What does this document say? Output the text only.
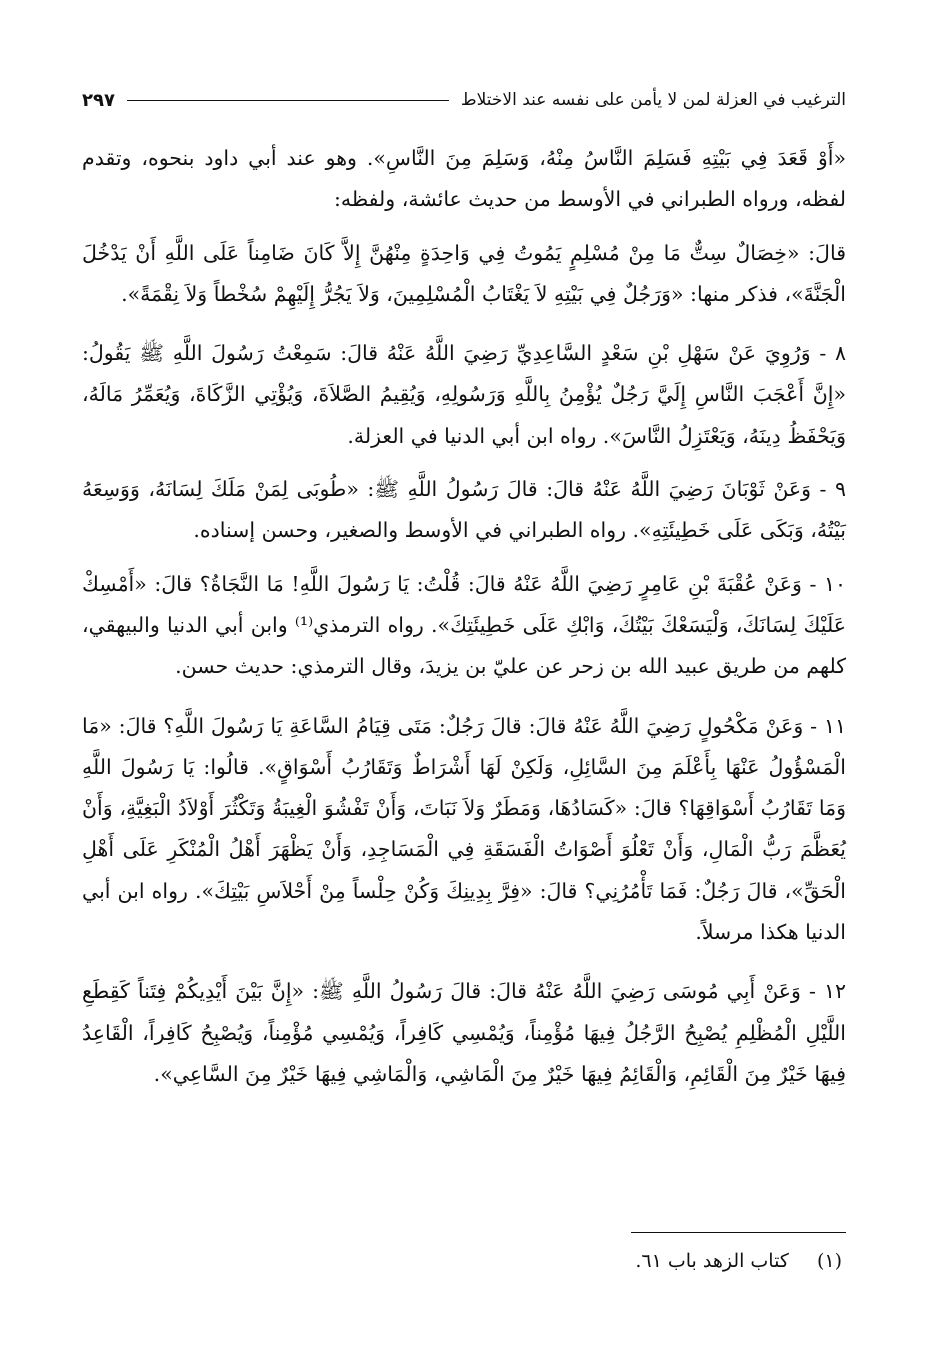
الترغيب في العزلة لمن لا يأمن على نفسه عند الاختلاط
٢٩٧

«أَوْ قَعَدَ فِي بَيْتِهِ فَسَلِمَ النَّاسُ مِنْهُ، وَسَلِمَ مِنَ النَّاسِ». وهو عند أبي داود بنحوه، وتقدم لفظه، ورواه الطبراني في الأوسط من حديث عائشة، ولفظه:

قالَ: «خِصَالٌ سِتٌّ مَا مِنْ مُسْلِمٍ يَمُوتُ فِي وَاحِدَةٍ مِنْهُنَّ إِلاَّ كَانَ ضَامِناً عَلَى اللَّهِ أَنْ يَدْخُلَ الْجَنَّةَ»، فذكر منها: «وَرَجُلٌ فِي بَيْتِهِ لاَ يَغْتَابُ الْمُسْلِمِينَ، وَلاَ يَجُرُّ إِلَيْهِمْ سُخْطاً وَلاَ نِقْمَةً».

٨ - وَرُوِيَ عَنْ سَهْلِ بْنِ سَعْدٍ السَّاعِدِيِّ رَضِيَ اللَّهُ عَنْهُ قالَ: سَمِعْتُ رَسُولَ اللَّهِ ﷺ يَقُولُ: «إِنَّ أَعْجَبَ النَّاسِ إِلَيَّ رَجُلٌ يُؤْمِنُ بِاللَّهِ وَرَسُولِهِ، وَيُقِيمُ الصَّلاَةَ، وَيُؤْتِي الزَّكَاةَ، وَيُعَمِّرُ مَالَهُ، وَيَحْفَظُ دِينَهُ، وَيَعْتَزِلُ النَّاسَ». رواه ابن أبي الدنيا في العزلة.

٩ - وَعَنْ ثَوْبَانَ رَضِيَ اللَّهُ عَنْهُ قالَ: قالَ رَسُولُ اللَّهِ ﷺ: «طُوبَى لِمَنْ مَلَكَ لِسَانَهُ، وَوَسِعَهُ بَيْتُهُ، وَبَكَى عَلَى خَطِيئَتِهِ». رواه الطبراني في الأوسط والصغير، وحسن إسناده.

١٠ - وَعَنْ عُقْبَةَ بْنِ عَامِرٍ رَضِيَ اللَّهُ عَنْهُ قالَ: قُلْتُ: يَا رَسُولَ اللَّهِ! مَا النَّجَاةُ؟ قالَ: «أَمْسِكْ عَلَيْكَ لِسَانَكَ، وَلْيَسَعْكَ بَيْتُكَ، وَابْكِ عَلَى خَطِيئَتِكَ». رواه الترمذي⁽¹⁾ وابن أبي الدنيا والبيهقي، كلهم من طريق عبيد الله بن زحر عن عليّ بن يزيدَ، وقال الترمذي: حديث حسن.

١١ - وَعَنْ مَكْحُولٍ رَضِيَ اللَّهُ عَنْهُ قالَ: قالَ رَجُلٌ: مَتَى قِيَامُ السَّاعَةِ يَا رَسُولَ اللَّهِ؟ قالَ: «مَا الْمَسْؤُولُ عَنْهَا بِأَعْلَمَ مِنَ السَّائِلِ، وَلَكِنْ لَهَا أَشْرَاطٌ وَتَقَارُبُ أَسْوَاقٍ». قالُوا: يَا رَسُولَ اللَّهِ وَمَا تَقَارُبُ أَسْوَاقِهَا؟ قالَ: «كَسَادُهَا، وَمَطَرٌ وَلاَ نَبَاتَ، وَأَنْ تَفْشُوَ الْغِيبَةُ وَتَكْثُرَ أَوْلاَدُ الْبَغِيَّةِ، وَأَنْ يُعَظَّمَ رَبُّ الْمَالِ، وَأَنْ تَعْلُوَ أَصْوَاتُ الْفَسَقَةِ فِي الْمَسَاجِدِ، وَأَنْ يَظْهَرَ أَهْلُ الْمُنْكَرِ عَلَى أَهْلِ الْحَقِّ»، قالَ رَجُلٌ: فَمَا تَأْمُرُنِي؟ قالَ: «فِرَّ بِدِينِكَ وَكُنْ حِلْساً مِنْ أَحْلاَسِ بَيْتِكَ». رواه ابن أبي الدنيا هكذا مرسلاً.

١٢ - وَعَنْ أَبِي مُوسَى رَضِيَ اللَّهُ عَنْهُ قالَ: قالَ رَسُولُ اللَّهِ ﷺ: «إِنَّ بَيْنَ أَيْدِيكُمْ فِتَناً كَقِطَعِ اللَّيْلِ الْمُظْلِمِ يُصْبِحُ الرَّجُلُ فِيهَا مُؤْمِناً، وَيُمْسِي كَافِراً، وَيُمْسِي مُؤْمِناً، وَيُصْبِحُ كَافِراً، الْقَاعِدُ فِيهَا خَيْرٌ مِنَ الْقَائِمِ، وَالْقَائِمُ فِيهَا خَيْرٌ مِنَ الْمَاشِي، وَالْمَاشِي فِيهَا خَيْرٌ مِنَ السَّاعِي».

(١) كتاب الزهد باب ٦١.
